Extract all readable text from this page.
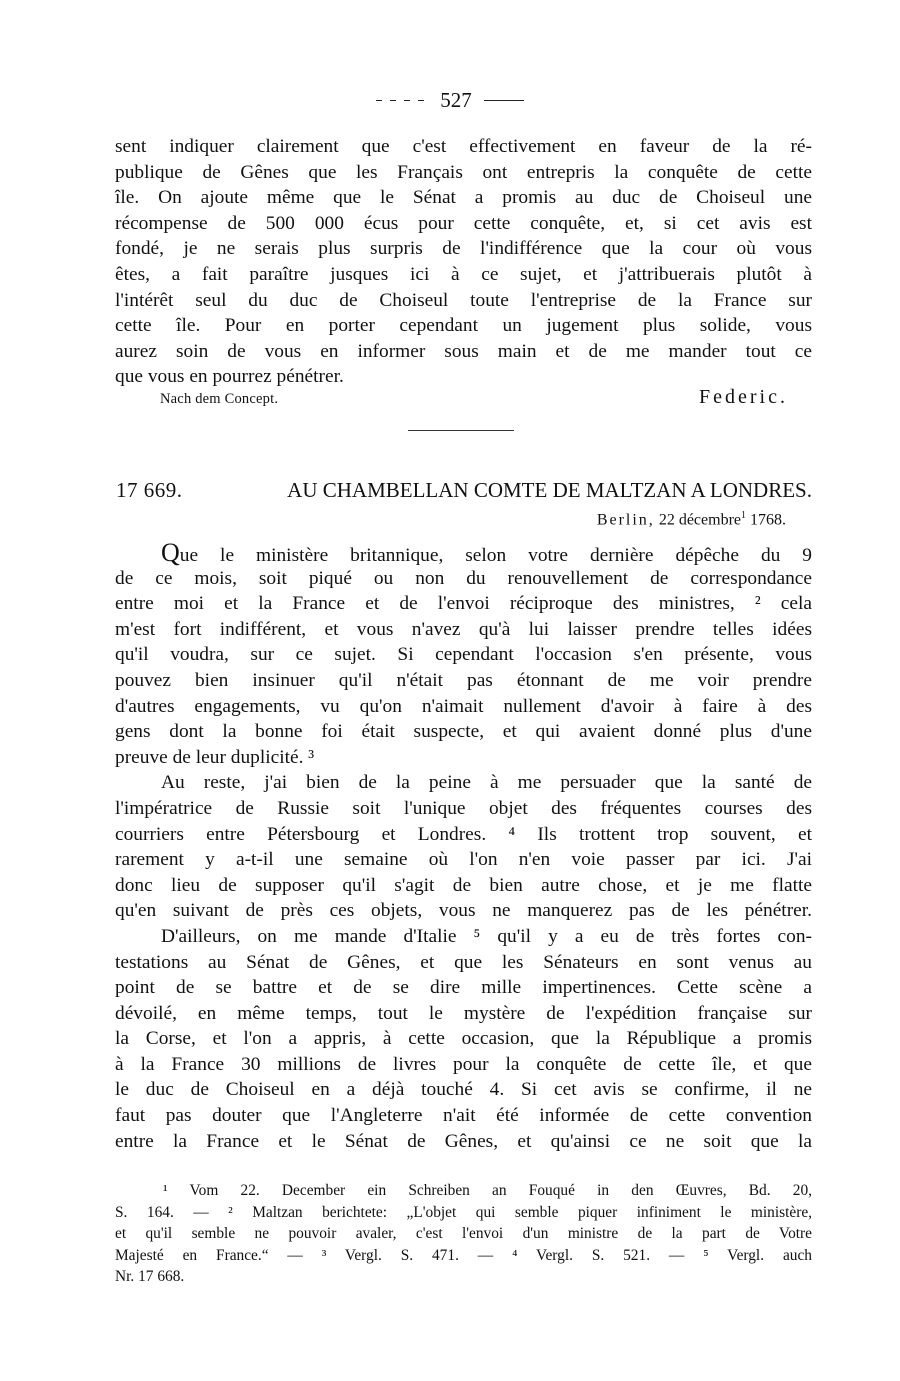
527
sent indiquer clairement que c'est effectivement en faveur de la ré-
publique de Gênes que les Français ont entrepris la conquête de cette
île. On ajoute même que le Sénat a promis au duc de Choiseul une
récompense de 500 000 écus pour cette conquête, et, si cet avis est
fondé, je ne serais plus surpris de l'indifférence que la cour où vous
êtes, a fait paraître jusques ici à ce sujet, et j'attribuerais plutôt à
l'intérêt seul du duc de Choiseul toute l'entreprise de la France sur
cette île. Pour en porter cependant un jugement plus solide, vous
aurez soin de vous en informer sous main et de me mander tout ce
que vous en pourrez pénétrer.
Nach dem Concept.	Federic.
17 669.	AU CHAMBELLAN COMTE DE MALTZAN A LONDRES.
Berlin, 22 décembre$^1$ 1768.
Que le ministère britannique, selon votre dernière dépêche du 9
de ce mois, soit piqué ou non du renouvellement de correspondance
entre moi et la France et de l'envoi réciproque des ministres, ² cela
m'est fort indifférent, et vous n'avez qu'à lui laisser prendre telles idées
qu'il voudra, sur ce sujet. Si cependant l'occasion s'en présente, vous
pouvez bien insinuer qu'il n'était pas étonnant de me voir prendre
d'autres engagements, vu qu'on n'aimait nullement d'avoir à faire à des
gens dont la bonne foi était suspecte, et qui avaient donné plus d'une
preuve de leur duplicité. ³
Au reste, j'ai bien de la peine à me persuader que la santé de
l'impératrice de Russie soit l'unique objet des fréquentes courses des
courriers entre Pétersbourg et Londres. ⁴ Ils trottent trop souvent, et
rarement y a-t-il une semaine où l'on n'en voie passer par ici. J'ai
donc lieu de supposer qu'il s'agit de bien autre chose, et je me flatte
qu'en suivant de près ces objets, vous ne manquerez pas de les pénétrer.
D'ailleurs, on me mande d'Italie ⁵ qu'il y a eu de très fortes con-
testations au Sénat de Gênes, et que les Sénateurs en sont venus au
point de se battre et de se dire mille impertinences. Cette scène a
dévoilé, en même temps, tout le mystère de l'expédition française sur
la Corse, et l'on a appris, à cette occasion, que la République a promis
à la France 30 millions de livres pour la conquête de cette île, et que
le duc de Choiseul en a déjà touché 4. Si cet avis se confirme, il ne
faut pas douter que l'Angleterre n'ait été informée de cette convention
entre la France et le Sénat de Gênes, et qu'ainsi ce ne soit que la
¹ Vom 22. December ein Schreiben an Fouqué in den Œuvres, Bd. 20,
S. 164. — ² Maltzan berichtete: „L'objet qui semble piquer infiniment le ministère,
et qu'il semble ne pouvoir avaler, c'est l'envoi d'un ministre de la part de Votre
Majesté en France.“ — ³ Vergl. S. 471. — ⁴ Vergl. S. 521. — ⁵ Vergl. auch
Nr. 17 668.
